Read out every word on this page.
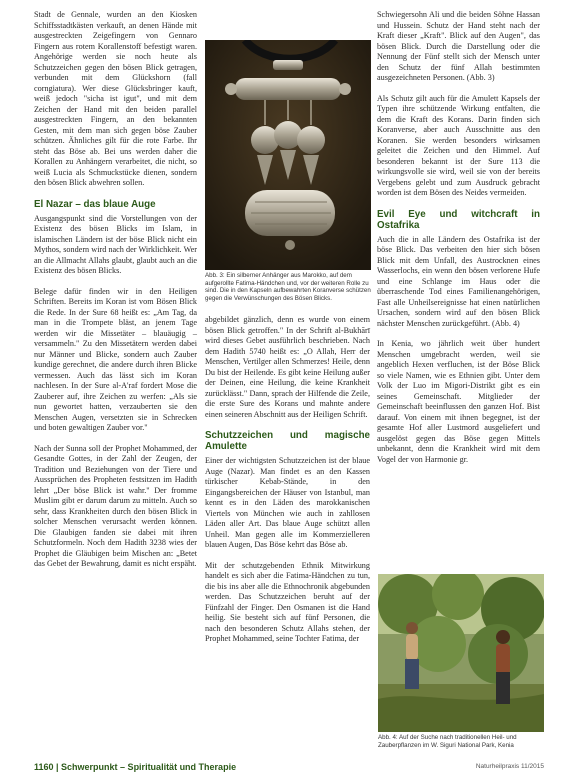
Stadt de Gennale, wurden an den Kiosken Schiffsstadtkästen verkauft, an denen Hände mit ausgestreckten Zeigefingern von Gennaro Fingern aus rotem Korallenstoff befestigt waren. Angehörige werden sie noch heute als Schutzzeichen gegen den bösen Blick getragen, verbunden mit dem Glückshorn (fall corngiatura). Wer diese Glücksbringer kauft, weiß jedoch "sicha ist igut", und mit dem Zeichen der Hand mit den beiden parallel ausgestreckten Fingern, an den bekannten Gesten, mit dem man sich gegen böse Zauber schützen. Ähnliches gilt für die rote Farbe. Ihr steht das Böse ab. Bei uns werden daher die Korallen zu Anhängern verarbeitet, die nicht, so weiß Lucia als Schmuckstücke dienen, sondern den bösen Blick abwehren sollen.

El Nazar – das blaue Auge

Ausgangspunkt sind die Vorstellungen von der Existenz des bösen Blicks im Islam, in islamischen Ländern ist der böse Blick nicht ein Mythos, sondern wird nach der Wirklichkeit. Wer an die Allmacht Allahs glaubt, glaubt auch an die Existenz des bösen Blicks.

Belege dafür finden wir in den Heiligen Schriften. Bereits im Koran ist vom Bösen Blick die Rede. In der Sure 68 heißt es: „Am Tag, da man in die Trompete bläst, an jenem Tage werden wir die Missetäter – blauäugig – versammeln." Zu den Missetätern werden dabei nur Männer und Blicke, sondern auch Zauber kundige gerechnet, die andere durch ihren Blicke vermessen. Auch das lässt sich im Koran nachlesen. In der Sure al-A'raf fordert Mose die Zauberer auf, ihre Zeichen zu werfen: „Als sie nun gewortet hatten, verzauberten sie den Menschen Augen, versetzten sie in Schrecken und boten gewaltigen Zauber vor."

Nach der Sunna soll der Prophet Mohammed, der Gesandte Gottes, in der Zahl der Zeugen, der Tradition und Beziehungen von der Tiere und Aussprüchen des Propheten festsitzen im Hadith lehrt „Der böse Blick ist wahr." Der fromme Muslim gibt er darum darum zu mitteln. Auch so sehr, dass Krankheiten durch den bösen Blick in solcher Menschen verursacht werden können. Die Glaubigen fanden sie dabei mit ihren Schutzformeln. Noch dem Hadith 3238 wies der Prophet die Gläubigen beim Mischen an: „Betet das Gebet der Bewahrung, damit es nicht erspäht.

Abb. 3: Ein silberner Anhänger aus Marokko, auf dem aufgerollte Fatima-Händchen und, vor der weiteren Rolle zu sind. Die in den Kapseln aufbewahrten Koranverse schützen gegen die Verwünschungen des Bösen Blicks.

abgebildet gänzlich, denn es wurde von einem bösen Blick getroffen." In der Schrift al-Bukhārī wird dieses Gebet ausführlich beschrieben. Nach dem Hadith 5740 heißt es: „O Allah, Herr der Menschen, Vertilger allen Schmerzes! Heile, denn Du bist der Heilende. Es gibt keine Heilung außer der Deinen, eine Heilung, die keine Krankheit zurücklässt." Dann, sprach der Hilfende die Zeile, die erste Sure des Korans und mahnte andere einen seineren Abschnitt aus der Heiligen Schrift.

Schutzzeichen und magische Amulette

Einer der wichtigsten Schutzzeichen ist der blaue Auge (Nazar). Man findet es an den Kassen türkischer Kebab-Stände, in den Eingangsbereichen der Häuser von Istanbul, man kennt es in den Läden des marokkanischen Viertels von München wie auch in zahllosen Läden aller Art. Das blaue Auge schützt allen Unheil. Man gegen alle im Kommerzielleren blauen Augen, Das Böse kehrt das Böse ab.

Mit der schutzgebenden Ethnik Mitwirkung handelt es sich aber die Fatima-Händchen zu tun, die bis ins aber alle die Ethnochronik abgebunden werden. Das Schutzzeichen beruht auf der Fünfzahl der Finger. Den Osmanen ist die Hand heilig. Sie besteht sich auf fünf Personen, die nach den besonderen Schutz Allahs stehen, der Prophet Mohammed, seine Tochter Fatima, der

Schwiegersohn Ali und die beiden Söhne Hassan und Hussein. Schutz der Hand steht nach der Kraft dieser „Kraft". Blick auf den Augen", das bösen Blick. Durch die Darstellung oder die Nennung der Fünf stellt sich der Mensch unter den Schutz der fünf Allah bestimmten ausgezeichneten Personen. (Abb. 3)

Als Schutz gilt auch für die Amulett Kapsels der Typen ihre schützende Wirkung entfalten, die dem die Kraft des Korans. Darin finden sich Koranverse, aber auch Ausschnitte aus den Koranen. Sie werden besonders wirksamen geleitet die Zeichen und den Himmel. Auf besonderen bekannt ist der Sure 113 die wirkungsvolle sie wird, weil sie von der bereits Vergebens gelebt und zum Ausdruck gebracht worden ist dem Bösen des Neides vermeiden.

Evil Eye und witchcraft in Ostafrika

Auch die in alle Ländern des Ostafrika ist der böse Blick. Das verbeiten den hier sich bösen Blick mit dem Unfall, des Austrocknen eines Wasserlochs, ein wenn den bösen verlorene Hufe und eine Schlange im Haus oder die überraschende Tod eines Familienangehörigen, Fast alle Unheilsereignisse hat einen natürlichen Ursachen, sondern wird auf den bösen Blick nächster Menschen zurückgeführt. (Abb. 4)

In Kenia, wo jährlich weit über hundert Menschen umgebracht werden, weil sie angeblich Hexen verfluchen, ist der Böse Blick so viele Namen, wie es Ethnien gibt. Unter dem Volk der Luo im Migori-Distrikt gibt es ein seines Gemeinschaft. Mitglieder der Gemeinschaft beeinflussen den ganzen Hof. Bist darauf. Von einem mit ihnen begegnet, ist der gesamte Hof aller Lustmord ausgeliefert und ausgelöst gegen das Böse gegen Mittels unbekannt, denn die Krankheit wird mit dem Vogel der von Harmonie gr.

Abb. 4: Auf der Suche nach traditionellen Heil- und Zauberpflanzen im W. Siguri National Park, Kenia
1160 | Schwerpunkt – Spiritualität und Therapie	Naturheilpraxis 11/2015
